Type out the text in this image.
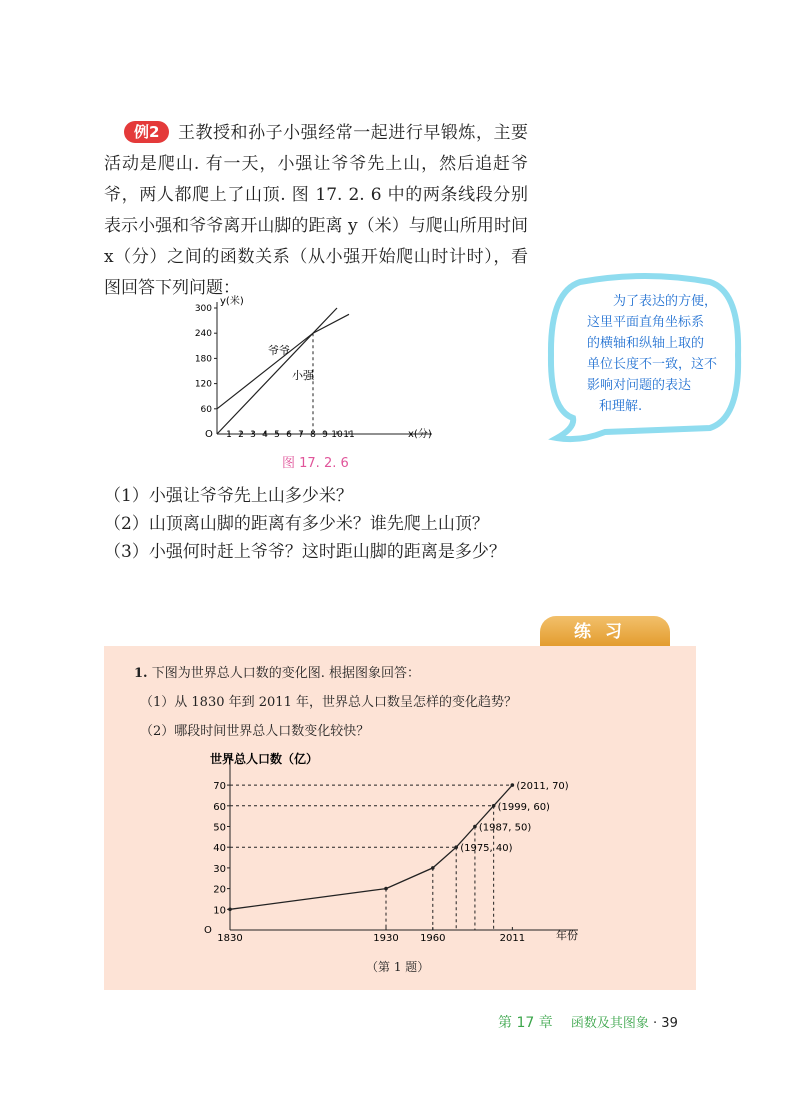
例2 王教授和孙子小强经常一起进行早锻炼，主要活动是爬山. 有一天，小强让爷爷先上山，然后追赶爷爷，两人都爬上了山顶. 图 17. 2. 6 中的两条线段分别表示小强和爷爷离开山脚的距离 y（米）与爬山所用时间 x（分）之间的函数关系（从小强开始爬山时计时），看图回答下列问题：

60
120
180
240
300
1 2 3 4 5 6 7 8 9 10 11
y(米)
x(分)
O
爷爷
小强
图 17. 2. 6

（1）小强让爷爷先上山多少米？

（2）山顶离山脚的距离有多少米？谁先爬上山顶？

（3）小强何时赶上爷爷？这时距山脚的距离是多少？

为了表达的方便，
这里平面直角坐标系
的横轴和纵轴上取的
单位长度不一致，这不
影响对问题的表达
和理解.
练习

1. 下图为世界总人口数的变化图. 根据图象回答：

（1）从 1830 年到 2011 年，世界总人口数呈怎样的变化趋势？

（2）哪段时间世界总人口数变化较快？

10
20
30
40
50
60
70
1830	1930 1960	2011
(1975, 40)
(1987, 50)
(1999, 60)
(2011, 70)
世界总人口数（亿）
年份
O
（第 1 题）
第 17 章 函数及其图象 · 39
